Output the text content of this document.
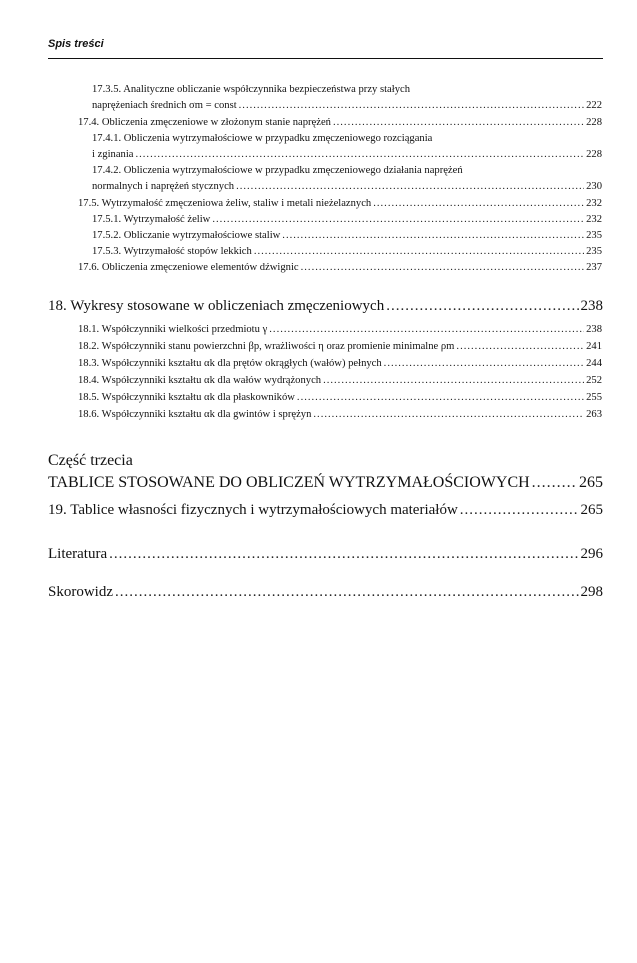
Spis treści
17.3.5. Analityczne obliczanie współczynnika bezpieczeństwa przy stałych
naprężeniach średnich σm = const .....	222
17.4. Obliczenia zmęczeniowe w złożonym stanie naprężeń .....	228
17.4.1. Obliczenia wytrzymałościowe w przypadku zmęczeniowego rozciągania
i zginania .....	228
17.4.2. Obliczenia wytrzymałościowe w przypadku zmęczeniowego działania naprężeń
normalnych i naprężeń stycznych .....	230
17.5. Wytrzymałość zmęczeniowa żeliw, staliw i metali nieżelaznych .....	232
17.5.1. Wytrzymałość żeliw .....	232
17.5.2. Obliczanie wytrzymałościowe staliw .....	235
17.5.3. Wytrzymałość stopów lekkich .....	235
17.6. Obliczenia zmęczeniowe elementów dźwignic .....	237
18. Wykresy stosowane w obliczeniach zmęczeniowych .....	238
18.1. Współczynniki wielkości przedmiotu γ .....	238
18.2. Współczynniki stanu powierzchni βp, wrażliwości η oraz promienie minimalne ρm .....	241
18.3. Współczynniki kształtu αk dla prętów okrągłych (wałów) pełnych .....	244
18.4. Współczynniki kształtu αk dla wałów wydrążonych .....	252
18.5. Współczynniki kształtu αk dla płaskowników .....	255
18.6. Współczynniki kształtu αk dla gwintów i sprężyn .....	263
Część trzecia
TABLICE STOSOWANE DO OBLICZEŃ WYTRZYMAŁOŚCIOWYCH .....	265
19. Tablice własności fizycznych i wytrzymałościowych materiałów .....	265
Literatura .....	296
Skorowidz .....	298
